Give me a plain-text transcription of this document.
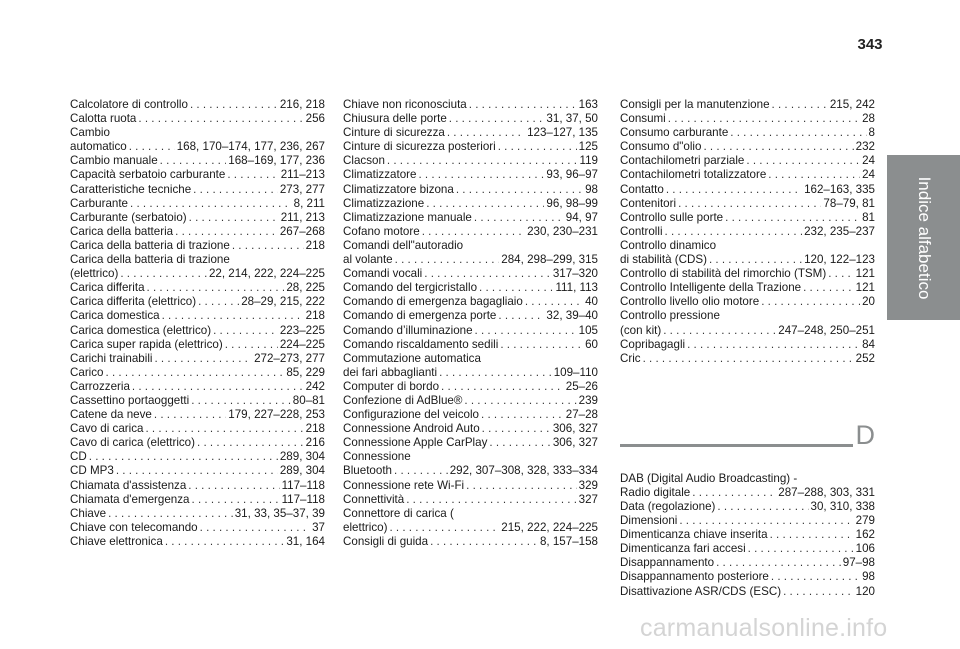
343
Indice alfabetico
Calcolatore di controllo . . .	216, 218
Calotta ruota . . .	256
Cambio
automatico . . .	168, 170–174, 177, 236, 267
Cambio manuale . . .	168–169, 177, 236
Capacità serbatoio carburante . . .	211–213
Caratteristiche tecniche . . .	273, 277
Carburante . . .	8, 211
Carburante (serbatoio) . . .	211, 213
Carica della batteria . . .	267–268
Carica della batteria di trazione . . .	218
Carica della batteria di trazione
(elettrico) . . .	22, 214, 222, 224–225
Carica differita . . .	28, 225
Carica differita (elettrico) . . .	28–29, 215, 222
Carica domestica . . .	218
Carica domestica (elettrico) . . .	223–225
Carica super rapida (elettrico) . . .	224–225
Carichi trainabili . . .	272–273, 277
Carico . . .	85, 229
Carrozzeria . . .	242
Cassettino portaoggetti . . .	80–81
Catene da neve . . .	179, 227–228, 253
Cavo di carica . . .	218
Cavo di carica (elettrico) . . .	216
CD . . .	289, 304
CD MP3 . . .	289, 304
Chiamata d'assistenza . . .	117–118
Chiamata d'emergenza . . .	117–118
Chiave . . .	31, 33, 35–37, 39
Chiave con telecomando . . .	37
Chiave elettronica . . .	31, 164
Chiave non riconosciuta . . .	163
Chiusura delle porte . . .	31, 37, 50
Cinture di sicurezza . . .	123–127, 135
Cinture di sicurezza posteriori . . .	125
Clacson . . .	119
Climatizzatore . . .	93, 96–97
Climatizzatore bizona . . .	98
Climatizzazione . . .	96, 98–99
Climatizzazione manuale . . .	94, 97
Cofano motore . . .	230, 230–231
Comandi dell"autoradio
al volante . . .	284, 298–299, 315
Comandi vocali . . .	317–320
Comando del tergicristallo . . .	111, 113
Comando di emergenza bagagliaio . . .	40
Comando di emergenza porte . . .	32, 39–40
Comando d’illuminazione . . .	105
Comando riscaldamento sedili . . .	60
Commutazione automatica
dei fari abbaglianti . . .	109–110
Computer di bordo . . .	25–26
Confezione di AdBlue® . . .	239
Configurazione del veicolo . . .	27–28
Connessione Android Auto . . .	306, 327
Connessione Apple CarPlay . . .	306, 327
Connessione
Bluetooth . . .	292, 307–308, 328, 333–334
Connessione rete Wi-Fi . . .	329
Connettività . . .	327
Connettore di carica (
elettrico) . . .	215, 222, 224–225
Consigli di guida . . .	8, 157–158
Consigli per la manutenzione . . .	215, 242
Consumi . . .	28
Consumo carburante . . .	8
Consumo d"olio . . .	232
Contachilometri parziale . . .	24
Contachilometri totalizzatore . . .	24
Contatto . . .	162–163, 335
Contenitori . . .	78–79, 81
Controllo sulle porte . . .	81
Controlli . . .	232, 235–237
Controllo dinamico
di stabilità (CDS) . . .	120, 122–123
Controllo di stabilità del rimorchio (TSM) . . .	121
Controllo Intelligente della Trazione . . .	121
Controllo livello olio motore . . .	20
Controllo pressione
(con kit) . . .	247–248, 250–251
Copribagagli . . .	84
Cric . . .	252
D
DAB (Digital Audio Broadcasting) -
Radio digitale . . .	287–288, 303, 331
Data (regolazione) . . .	30, 310, 338
Dimensioni . . .	279
Dimenticanza chiave inserita . . .	162
Dimenticanza fari accesi . . .	106
Disappannamento . . .	97–98
Disappannamento posteriore . . .	98
Disattivazione ASR/CDS (ESC) . . .	120
carmanualsonline.info
